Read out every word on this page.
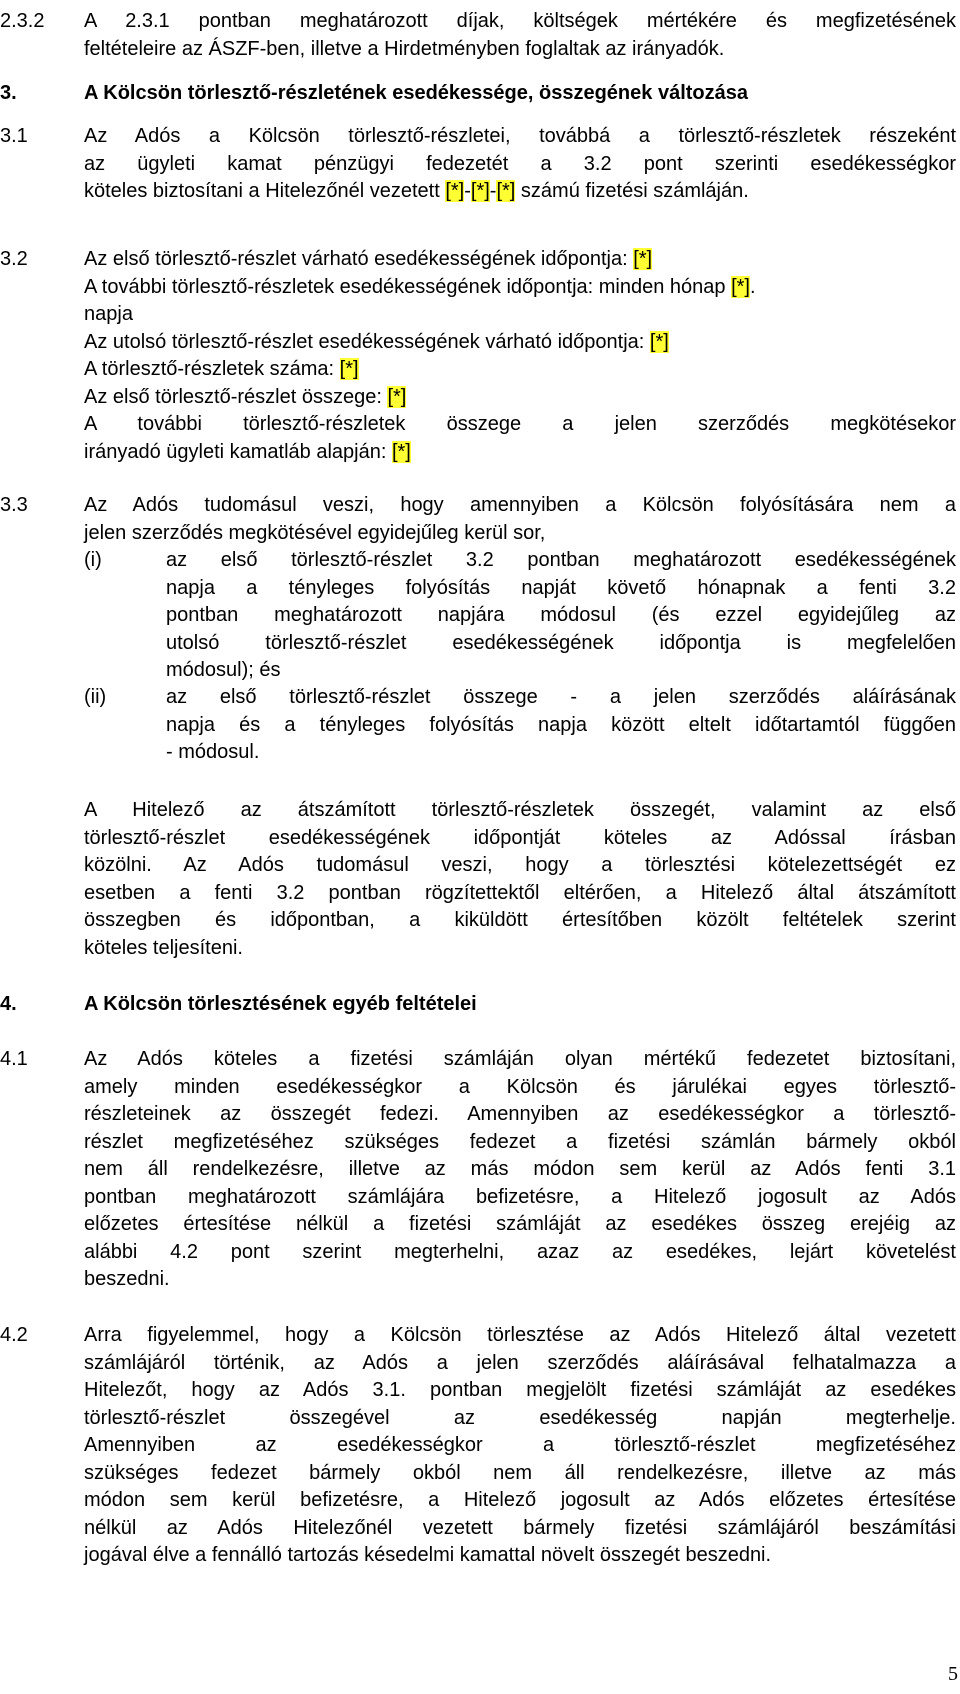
2.3.2	A 2.3.1 pontban meghatározott díjak, költségek mértékére és megfizetésének
feltételeire az ÁSZF-ben, illetve a Hirdetményben foglaltak az irányadók.
3.	A Kölcsön törlesztő-részletének esedékessége, összegének változása
3.1	Az Adós a Kölcsön törlesztő-részletei, továbbá a törlesztő-részletek részeként
az ügyleti kamat pénzügyi fedezetét a 3.2 pont szerinti esedékességkor
köteles biztosítani a Hitelezőnél vezetett [*]-[*]-[*] számú fizetési számláján.
3.2	Az első törlesztő-részlet várható esedékességének időpontja: [*]
A további törlesztő-részletek esedékességének időpontja: minden hónap [*].
napja
Az utolsó törlesztő-részlet esedékességének várható időpontja: [*]
A törlesztő-részletek száma: [*]
Az első törlesztő-részlet összege: [*]
A további törlesztő-részletek összege a jelen szerződés megkötésekor
irányadó ügyleti kamatláb alapján: [*]
3.3	Az Adós tudomásul veszi, hogy amennyiben a Kölcsön folyósítására nem a
jelen szerződés megkötésével egyidejűleg kerül sor,
(i)	az első törlesztő-részlet 3.2 pontban meghatározott esedékességének
napja a tényleges folyósítás napját követő hónapnak a fenti 3.2
pontban meghatározott napjára módosul (és ezzel egyidejűleg az
utolsó törlesztő-részlet esedékességének időpontja is megfelelően
módosul); és
(ii)	az első törlesztő-részlet összege - a jelen szerződés aláírásának
napja és a tényleges folyósítás napja között eltelt időtartamtól függően
- módosul.
A Hitelező az átszámított törlesztő-részletek összegét, valamint az első
törlesztő-részlet esedékességének időpontját köteles az Adóssal írásban
közölni. Az Adós tudomásul veszi, hogy a törlesztési kötelezettségét ez
esetben a fenti 3.2 pontban rögzítettektől eltérően, a Hitelező által átszámított
összegben és időpontban, a kiküldött értesítőben közölt feltételek szerint
köteles teljesíteni.
4.	A Kölcsön törlesztésének egyéb feltételei
4.1	Az Adós köteles a fizetési számláján olyan mértékű fedezetet biztosítani,
amely minden esedékességkor a Kölcsön és járulékai egyes törlesztő-
részleteinek az összegét fedezi. Amennyiben az esedékességkor a törlesztő-
részlet megfizetéséhez szükséges fedezet a fizetési számlán bármely okból
nem áll rendelkezésre, illetve az más módon sem kerül az Adós fenti 3.1
pontban meghatározott számlájára befizetésre, a Hitelező jogosult az Adós
előzetes értesítése nélkül a fizetési számláját az esedékes összeg erejéig az
alábbi 4.2 pont szerint megterhelni, azaz az esedékes, lejárt követelést
beszedni.
4.2	Arra figyelemmel, hogy a Kölcsön törlesztése az Adós Hitelező által vezetett
számlájáról történik, az Adós a jelen szerződés aláírásával felhatalmazza a
Hitelezőt, hogy az Adós 3.1. pontban megjelölt fizetési számláját az esedékes
törlesztő-részlet összegével az esedékesség napján megterhelje.
Amennyiben az esedékességkor a törlesztő-részlet megfizetéséhez
szükséges fedezet bármely okból nem áll rendelkezésre, illetve az más
módon sem kerül befizetésre, a Hitelező jogosult az Adós előzetes értesítése
nélkül az Adós Hitelezőnél vezetett bármely fizetési számlájáról beszámítási
jogával élve a fennálló tartozás késedelmi kamattal növelt összegét beszedni.
5
